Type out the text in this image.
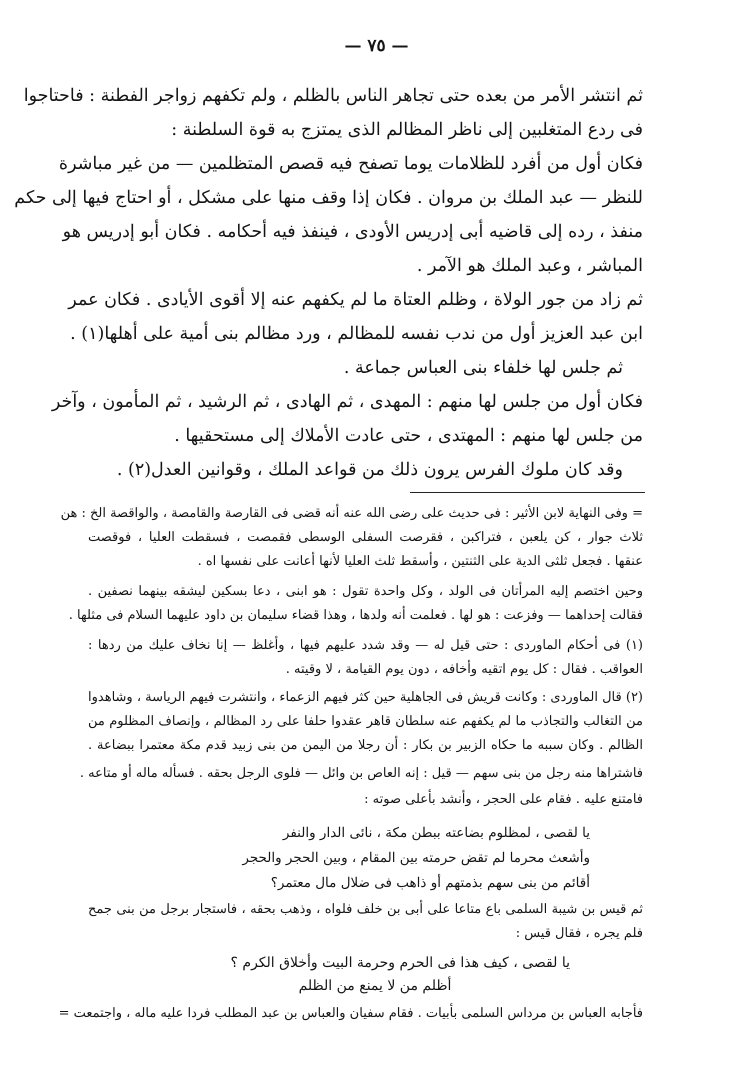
— ٧٥ —
ثم انتشر الأمر من بعده حتى تجاهر الناس بالظلم ، ولم تكفهم زواجر الفطنة : فاحتاجوا
فى ردع المتغلبين إلى ناظر المظالم الذى يمتزج به قوة السلطنة :
فكان أول من أفرد للظلامات يوما تصفح فيه قصص المتظلمين — من غير مباشرة
للنظر — عبد الملك بن مروان . فكان إذا وقف منها على مشكل ، أو احتاج فيها إلى حكم
منفذ ، رده إلى قاضيه أبى إدريس الأودى ، فينفذ فيه أحكامه . فكان أبو إدريس هو
المباشر ، وعبد الملك هو الآمر .
ثم زاد من جور الولاة ، وظلم العتاة ما لم يكفهم عنه إلا أقوى الأيادى . فكان عمر
ابن عبد العزيز أول من ندب نفسه للمظالم ، ورد مظالم بنى أمية على أهلها(١) .
ثم جلس لها خلفاء بنى العباس جماعة .
فكان أول من جلس لها منهم : المهدى ، ثم الهادى ، ثم الرشيد ، ثم المأمون ، وآخر
من جلس لها منهم : المهتدى ، حتى عادت الأملاك إلى مستحقيها .
وقد كان ملوك الفرس يرون ذلك من قواعد الملك ، وقوانين العدل(٢) .
= وفى النهاية لابن الأثير : فى حديث على رضى الله عنه أنه قضى فى القارصة والقامصة ، والواقصة الخ : هن
ثلاث جوار ، كن يلعبن ، فتراكبن ، فقرصت السفلى الوسطى فقمصت ، فسقطت العليا ، فوقصت
عنقها . فجعل ثلثى الدية على الثنتين ، وأسقط ثلث العليا لأنها أعانت على نفسها اه .
وحين اختصم إليه المرأتان فى الولد ، وكل واحدة تقول : هو ابنى ، دعا بسكين ليشقه بينهما نصفين .
فقالت إحداهما — وفزعت : هو لها . فعلمت أنه ولدها ، وهذا قضاء سليمان بن داود عليهما السلام فى مثلها .
(١) فى أحكام الماوردى : حتى قيل له — وقد شدد عليهم فيها ، وأغلظ — إنا نخاف عليك من ردها :
العواقب . فقال : كل يوم اتقيه وأخافه ، دون يوم القيامة ، لا وقيته .
(٢) قال الماوردى : وكانت قريش فى الجاهلية حين كثر فيهم الزعماء ، وانتشرت فيهم الرياسة ، وشاهدوا
من التغالب والتجاذب ما لم يكفهم عنه سلطان قاهر عقدوا حلفا على رد المظالم ، وإنصاف المظلوم من
الظالم . وكان سببه ما حكاه الزبير بن بكار : أن رجلا من اليمن من بنى زبيد قدم مكة معتمرا ببضاعة .
فاشتراها منه رجل من بنى سهم — قيل : إنه العاص بن وائل — فلوى الرجل بحقه . فسأله ماله أو متاعه .
فامتنع عليه . فقام على الحجر ، وأنشد بأعلى صوته :
يا لقصى ، لمظلوم بضاعته ببطن مكة ، نائى الدار والنفر
وأشعث محرما لم تقض حرمته بين المقام ، وبين الحجر والحجر
أقائم من بنى سهم بذمتهم أو ذاهب فى ضلال مال معتمر؟
ثم قيس بن شيبة السلمى باع متاعا على أبى بن خلف فلواه ، وذهب بحقه ، فاستجار برجل من بنى جمح
فلم يجره ، فقال قيس :
يا لقصى ، كيف هذا فى الحرم وحرمة البيت وأخلاق الكرم ؟
أظلم من لا يمنع من الظلم
فأجابه العباس بن مرداس السلمى بأبيات . فقام سفيان والعباس بن عبد المطلب فردا عليه ماله ، واجتمعت =
